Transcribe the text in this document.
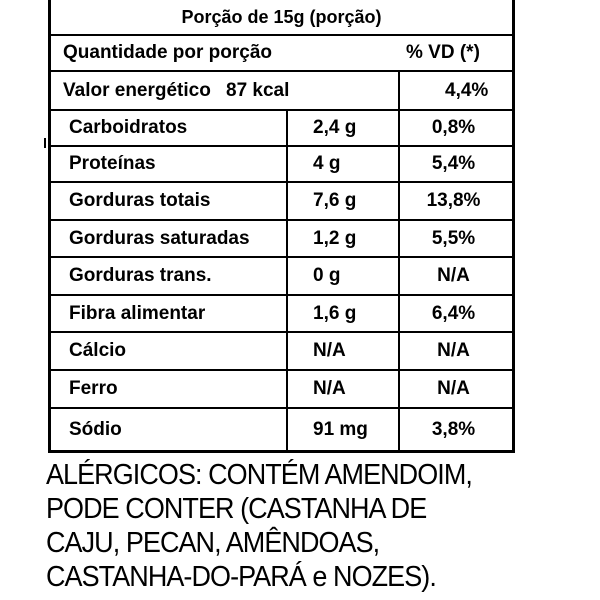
Porção de 15g (porção)
Quantidade por porção	% VD (*)
Valor energético 87 kcal	4,4%
Carboidratos	2,4 g	0,8%
Proteínas	4 g	5,4%
Gorduras totais	7,6 g	13,8%
Gorduras saturadas	1,2 g	5,5%
Gorduras trans.	0 g	N/A
Fibra alimentar	1,6 g	6,4%
Cálcio	N/A	N/A
Ferro	N/A	N/A
Sódio	91 mg	3,8%
ALÉRGICOS: CONTÉM AMENDOIM,
PODE CONTER (CASTANHA DE
CAJU, PECAN, AMÊNDOAS,
CASTANHA-DO-PARÁ e NOZES).
